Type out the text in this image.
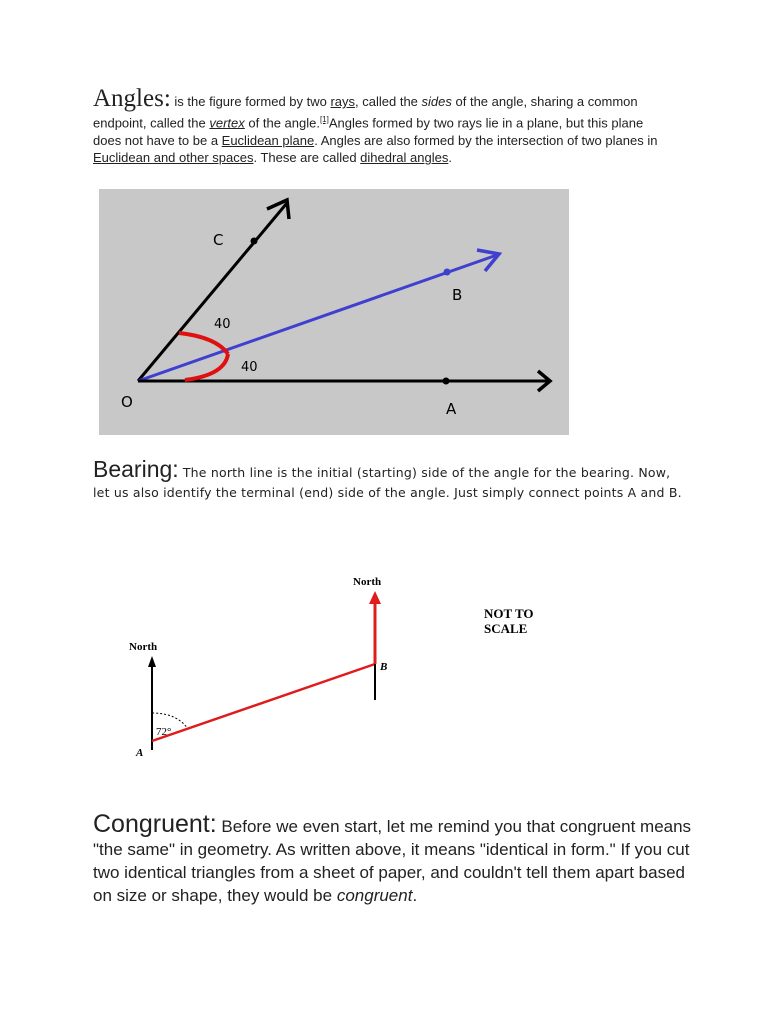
Angles: is the figure formed by two rays, called the sides of the angle, sharing a common endpoint, called the vertex of the angle.[1]Angles formed by two rays lie in a plane, but this plane does not have to be a Euclidean plane. Angles are also formed by the intersection of two planes in Euclidean and other spaces. These are called dihedral angles.
C
B
O	A
40
40
Bearing: The north line is the initial (starting) side of the angle for the bearing. Now, let us also identify the terminal (end) side of the angle. Just simply connect points A and B.
North
North
NOT TO
SCALE
72°
A
B
Congruent: Before we even start, let me remind you that congruent means "the same" in geometry. As written above, it means "identical in form." If you cut two identical triangles from a sheet of paper, and couldn't tell them apart based on size or shape, they would be congruent.
